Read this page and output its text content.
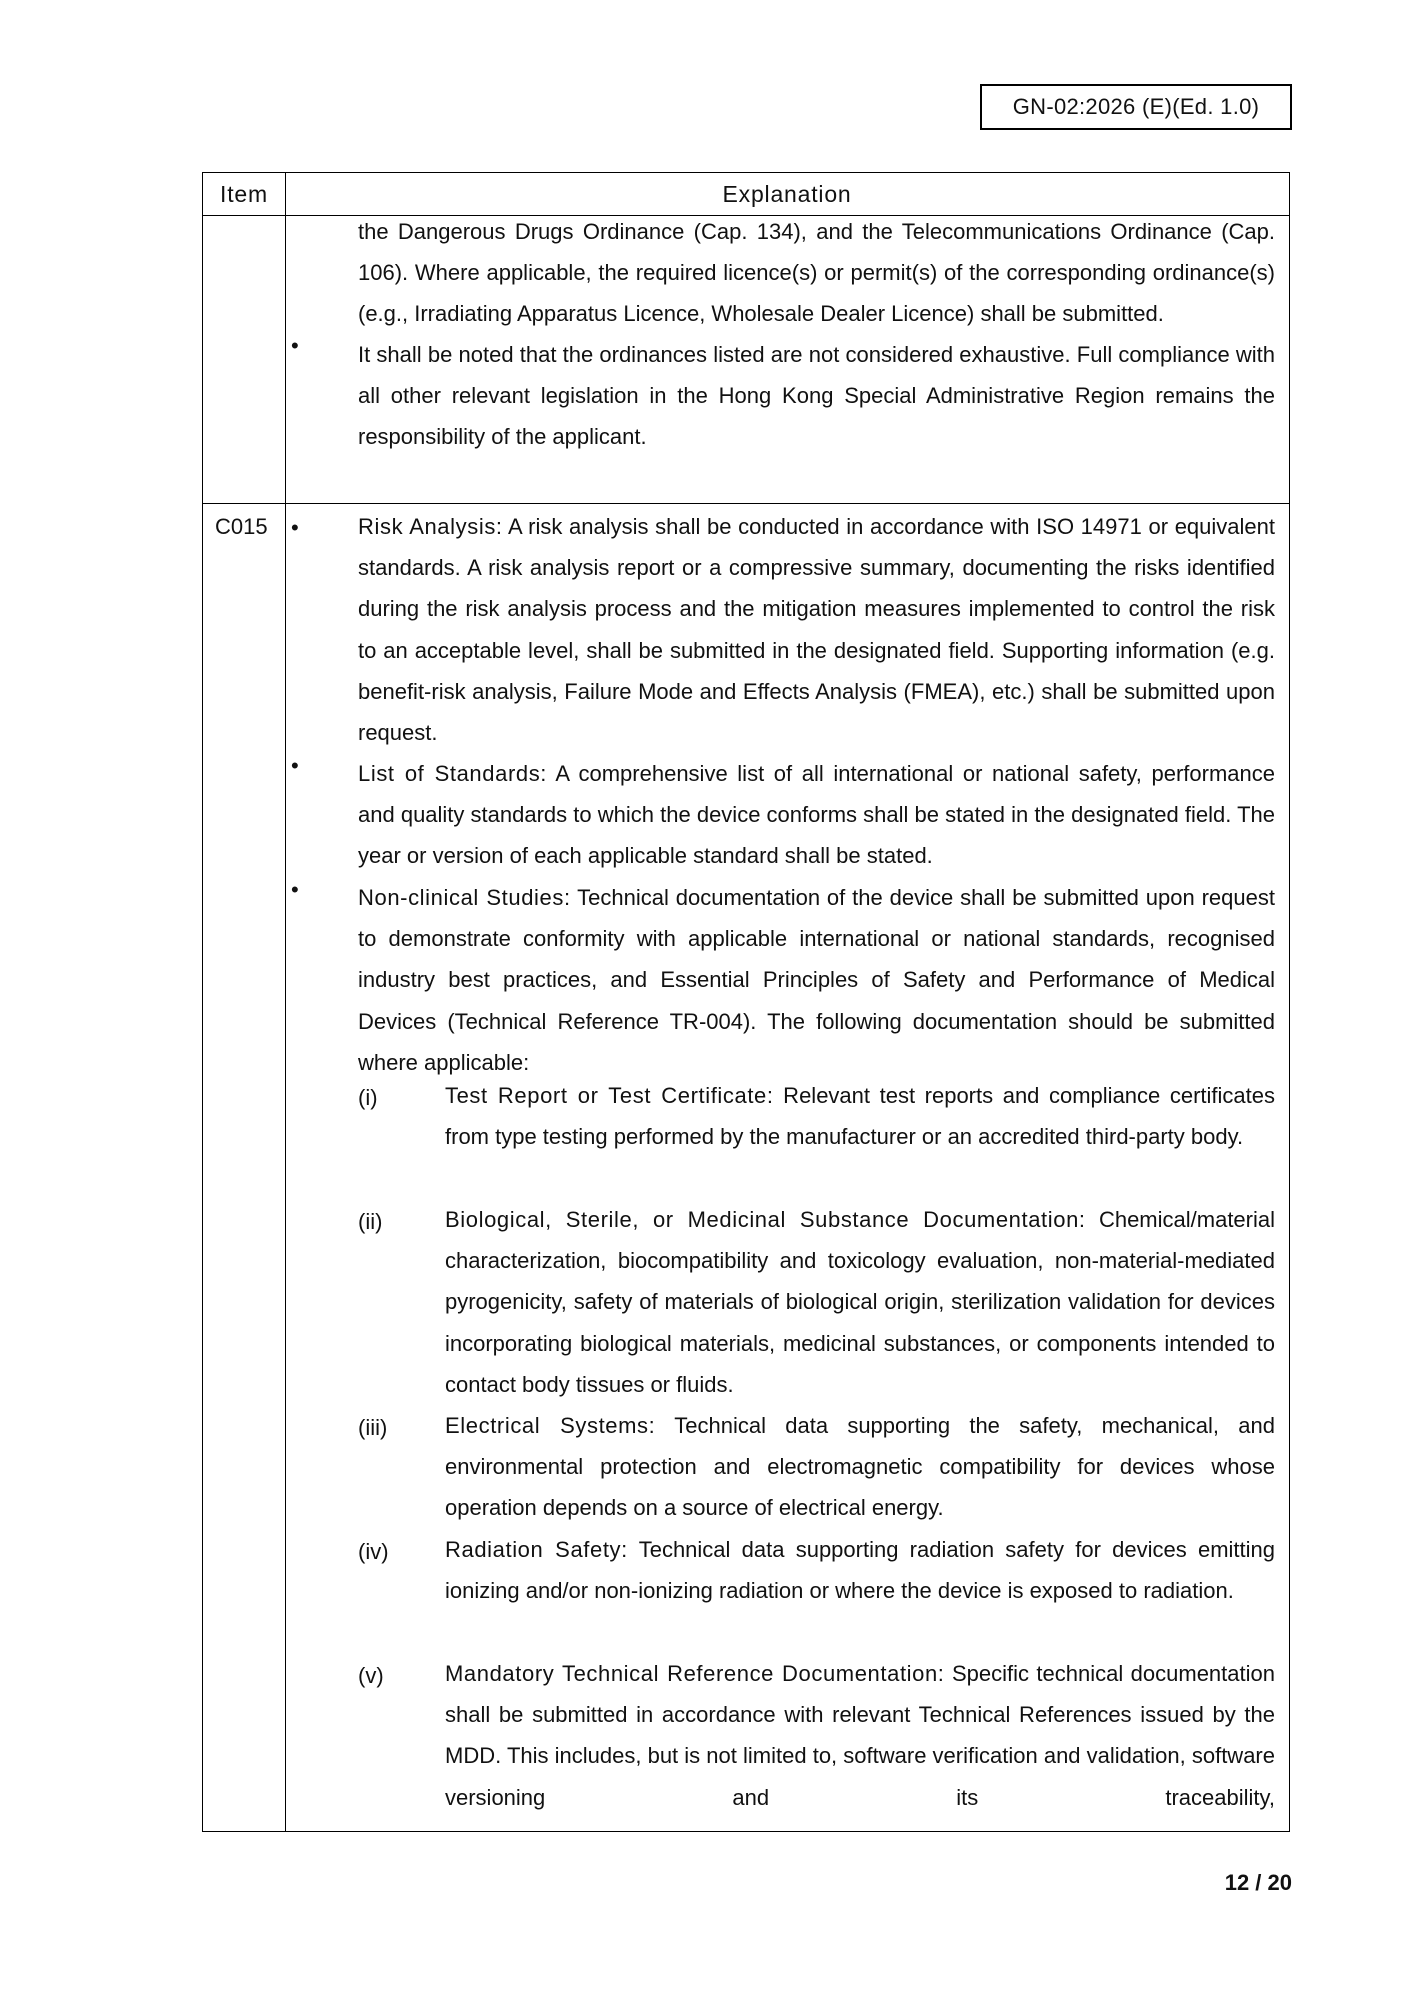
GN-02:2026 (E)(Ed. 1.0)
Item	Explanation
the Dangerous Drugs Ordinance (Cap. 134), and the Telecommunications Ordinance (Cap. 106). Where applicable, the required licence(s) or permit(s) of the corresponding ordinance(s) (e.g., Irradiating Apparatus Licence, Wholesale Dealer Licence) shall be submitted.
•	It shall be noted that the ordinances listed are not considered exhaustive. Full compliance with all other relevant legislation in the Hong Kong Special Administrative Region remains the responsibility of the applicant.
C015 •	Risk Analysis: A risk analysis shall be conducted in accordance with ISO 14971 or equivalent standards. A risk analysis report or a compressive summary, documenting the risks identified during the risk analysis process and the mitigation measures implemented to control the risk to an acceptable level, shall be submitted in the designated field. Supporting information (e.g. benefit-risk analysis, Failure Mode and Effects Analysis (FMEA), etc.) shall be submitted upon request.
•	List of Standards: A comprehensive list of all international or national safety, performance and quality standards to which the device conforms shall be stated in the designated field. The year or version of each applicable standard shall be stated.
•	Non-clinical Studies: Technical documentation of the device shall be submitted upon request to demonstrate conformity with applicable international or national standards, recognised industry best practices, and Essential Principles of Safety and Performance of Medical Devices (Technical Reference TR-004). The following documentation should be submitted where applicable:
(i)	Test Report or Test Certificate: Relevant test reports and compliance certificates from type testing performed by the manufacturer or an accredited third-party body.
(ii)	Biological, Sterile, or Medicinal Substance Documentation: Chemical/material characterization, biocompatibility and toxicology evaluation, non-material-mediated pyrogenicity, safety of materials of biological origin, sterilization validation for devices incorporating biological materials, medicinal substances, or components intended to contact body tissues or fluids.
(iii)	Electrical Systems: Technical data supporting the safety, mechanical, and environmental protection and electromagnetic compatibility for devices whose operation depends on a source of electrical energy.
(iv)	Radiation Safety: Technical data supporting radiation safety for devices emitting ionizing and/or non-ionizing radiation or where the device is exposed to radiation.
(v)	Mandatory Technical Reference Documentation: Specific technical documentation shall be submitted in accordance with relevant Technical References issued by the MDD. This includes, but is not limited to, software verification and validation, software versioning and its traceability,
12 / 20
